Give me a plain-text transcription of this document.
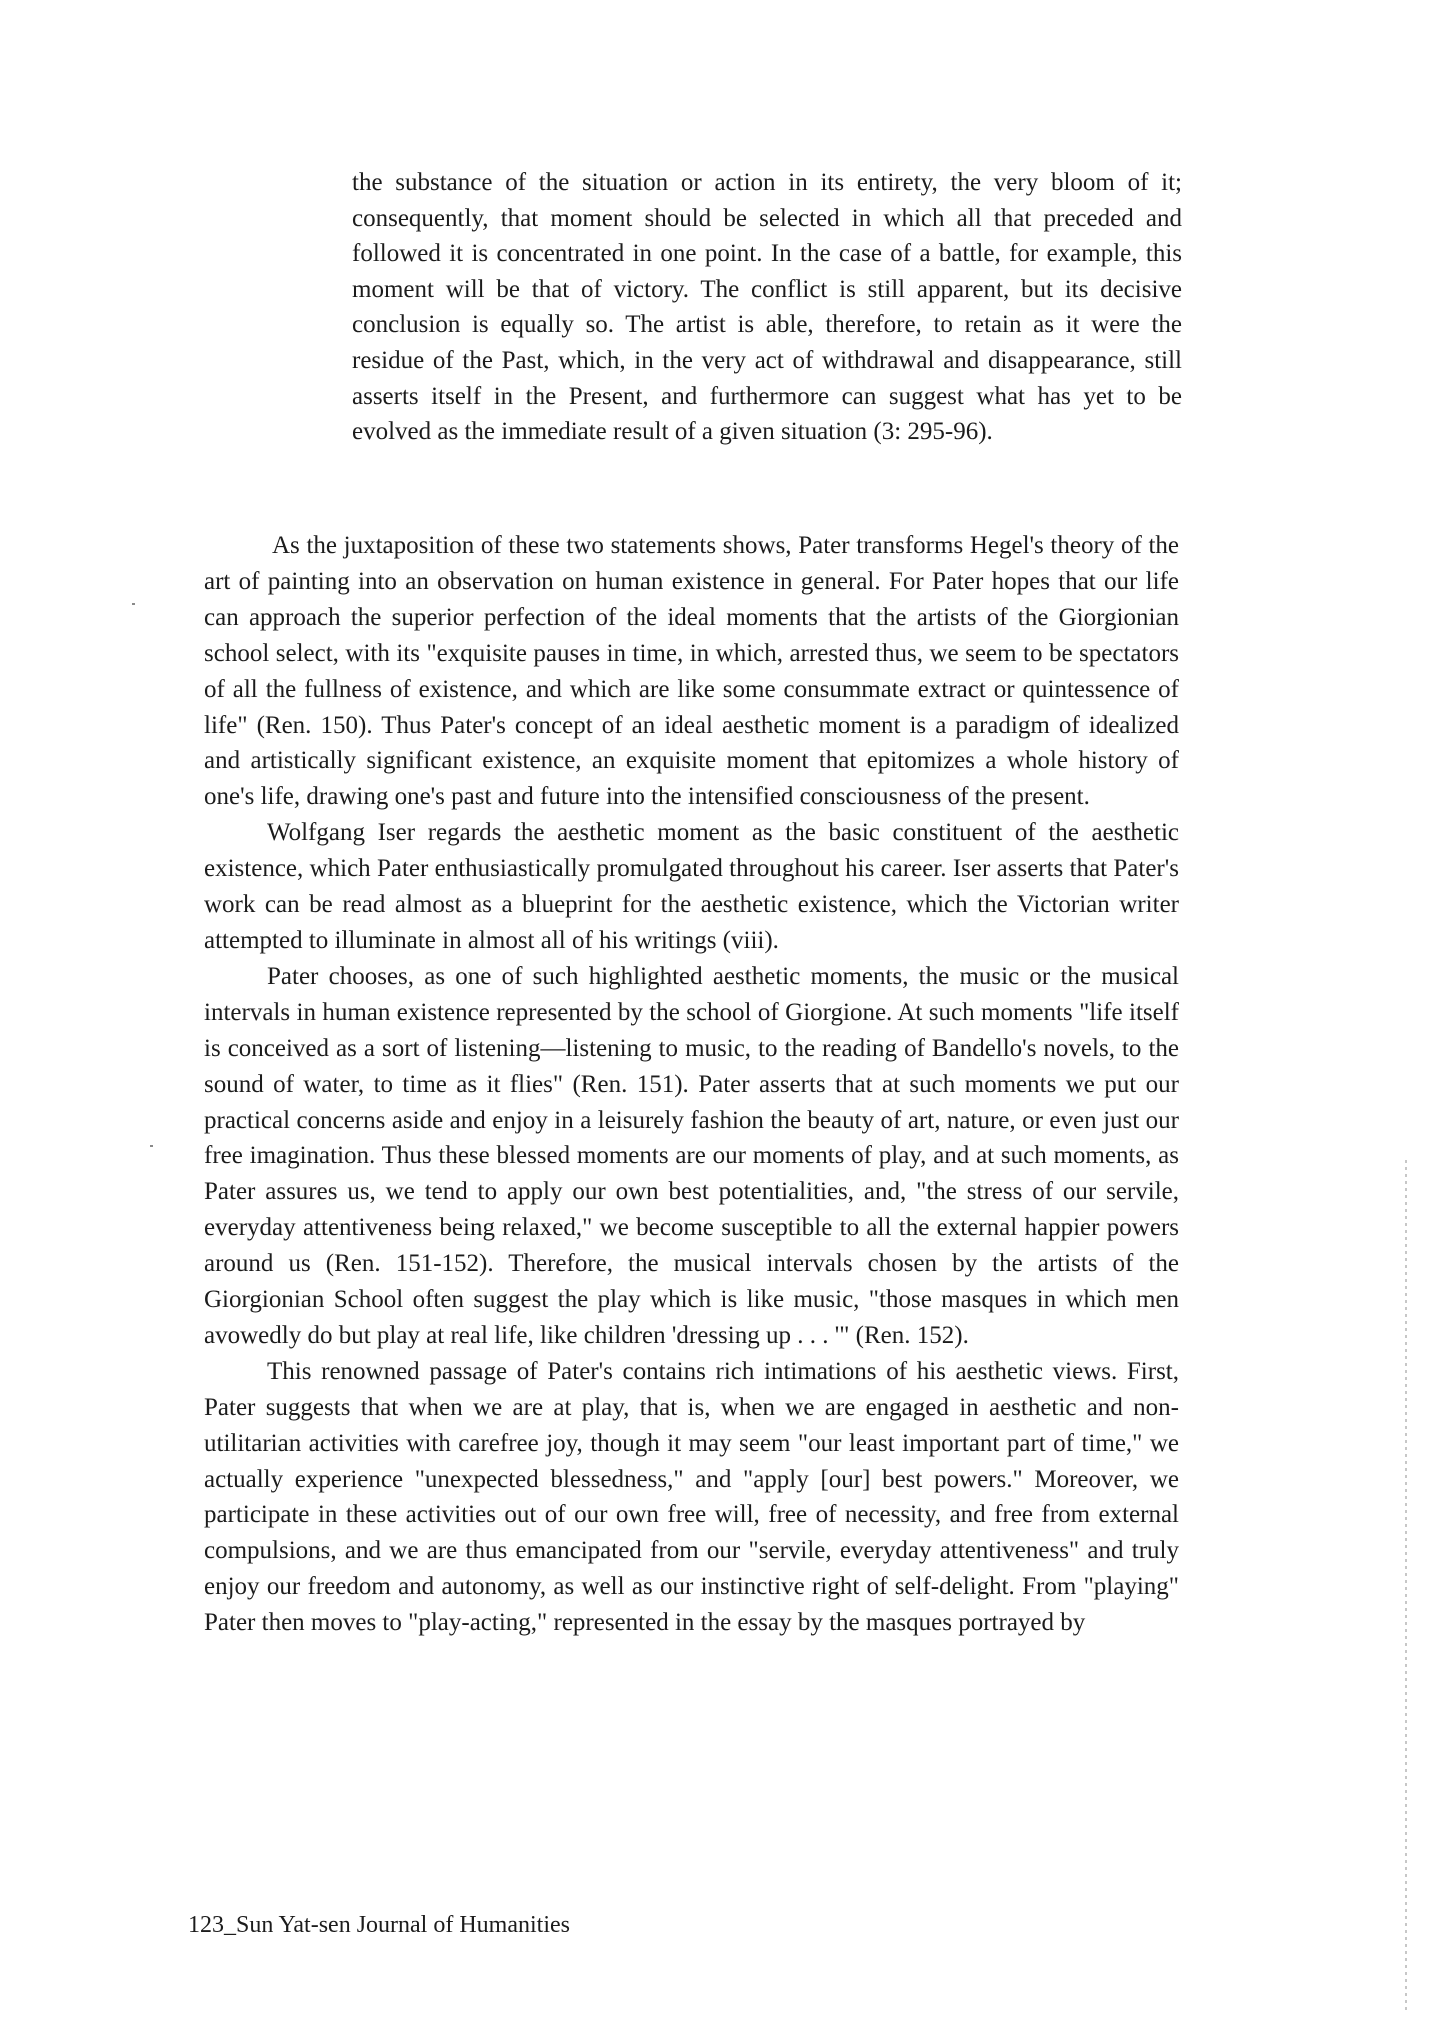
the substance of the situation or action in its entirety, the very bloom of it; consequently, that moment should be selected in which all that preceded and followed it is concentrated in one point. In the case of a battle, for example, this moment will be that of victory. The conflict is still apparent, but its decisive conclusion is equally so. The artist is able, therefore, to retain as it were the residue of the Past, which, in the very act of withdrawal and disappearance, still asserts itself in the Present, and furthermore can suggest what has yet to be evolved as the immediate result of a given situation (3: 295-96).

As the juxtaposition of these two statements shows, Pater transforms Hegel's theory of the art of painting into an observation on human existence in general. For Pater hopes that our life can approach the superior perfection of the ideal moments that the artists of the Giorgionian school select, with its "exquisite pauses in time, in which, arrested thus, we seem to be spectators of all the fullness of existence, and which are like some consummate extract or quintessence of life" (Ren. 150). Thus Pater's concept of an ideal aesthetic moment is a paradigm of idealized and artistically significant existence, an exquisite moment that epitomizes a whole history of one's life, drawing one's past and future into the intensified consciousness of the present.

Wolfgang Iser regards the aesthetic moment as the basic constituent of the aesthetic existence, which Pater enthusiastically promulgated throughout his career. Iser asserts that Pater's work can be read almost as a blueprint for the aesthetic existence, which the Victorian writer attempted to illuminate in almost all of his writings (viii).

Pater chooses, as one of such highlighted aesthetic moments, the music or the musical intervals in human existence represented by the school of Giorgione. At such moments "life itself is conceived as a sort of listening—listening to music, to the reading of Bandello's novels, to the sound of water, to time as it flies" (Ren. 151). Pater asserts that at such moments we put our practical concerns aside and enjoy in a leisurely fashion the beauty of art, nature, or even just our free imagination. Thus these blessed moments are our moments of play, and at such moments, as Pater assures us, we tend to apply our own best potentialities, and, "the stress of our servile, everyday attentiveness being relaxed," we become susceptible to all the external happier powers around us (Ren. 151-152). Therefore, the musical intervals chosen by the artists of the Giorgionian School often suggest the play which is like music, "those masques in which men avowedly do but play at real life, like children 'dressing up . . . '" (Ren. 152).

This renowned passage of Pater's contains rich intimations of his aesthetic views. First, Pater suggests that when we are at play, that is, when we are engaged in aesthetic and non-utilitarian activities with carefree joy, though it may seem "our least important part of time," we actually experience "unexpected blessedness," and "apply [our] best powers." Moreover, we participate in these activities out of our own free will, free of necessity, and free from external compulsions, and we are thus emancipated from our "servile, everyday attentiveness" and truly enjoy our freedom and autonomy, as well as our instinctive right of self-delight. From "playing" Pater then moves to "play-acting," represented in the essay by the masques portrayed by

123_Sun Yat-sen Journal of Humanities
